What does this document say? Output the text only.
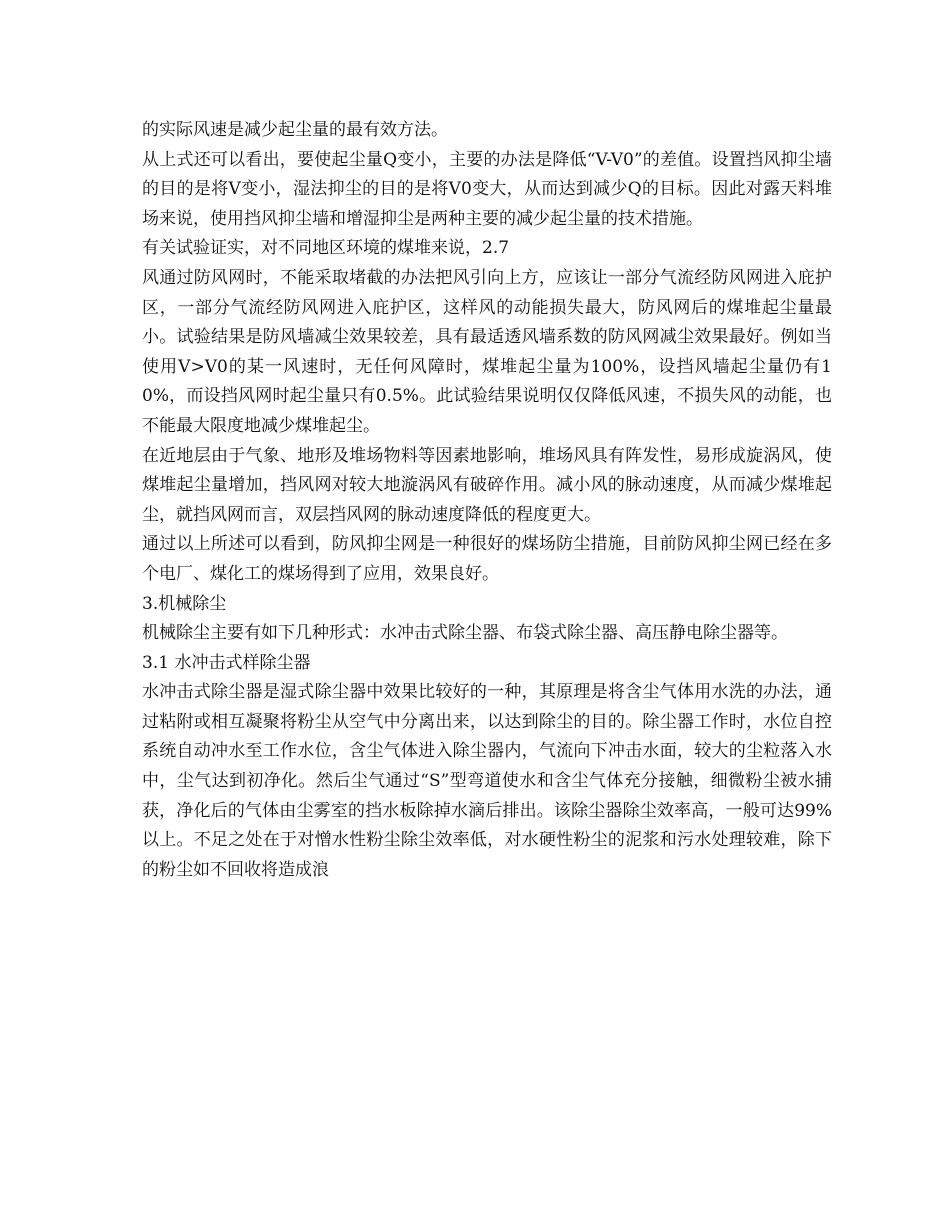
的实际风速是减少起尘量的最有效方法。

从上式还可以看出，要使起尘量Q变小，主要的办法是降低“V-V0”的差值。设置挡风抑尘墙的目的是将V变小，湿法抑尘的目的是将V0变大，从而达到减少Q的目标。因此对露天料堆场来说，使用挡风抑尘墙和增湿抑尘是两种主要的减少起尘量的技术措施。

有关试验证实，对不同地区环境的煤堆来说，2.7

风通过防风网时，不能采取堵截的办法把风引向上方，应该让一部分气流经防风网进入庇护区，一部分气流经防风网进入庇护区，这样风的动能损失最大，防风网后的煤堆起尘量最小。试验结果是防风墙减尘效果较差，具有最适透风墙系数的防风网减尘效果最好。例如当使用V>V0的某一风速时，无任何风障时，煤堆起尘量为100%，设挡风墙起尘量仍有10%，而设挡风网时起尘量只有0.5%。此试验结果说明仅仅降低风速，不损失风的动能，也不能最大限度地减少煤堆起尘。

在近地层由于气象、地形及堆场物料等因素地影响，堆场风具有阵发性，易形成旋涡风，使煤堆起尘量增加，挡风网对较大地漩涡风有破碎作用。减小风的脉动速度，从而减少煤堆起尘，就挡风网而言，双层挡风网的脉动速度降低的程度更大。

通过以上所述可以看到，防风抑尘网是一种很好的煤场防尘措施，目前防风抑尘网已经在多个电厂、煤化工的煤场得到了应用，效果良好。

3.机械除尘

机械除尘主要有如下几种形式：水冲击式除尘器、布袋式除尘器、高压静电除尘器等。

3.1 水冲击式样除尘器

水冲击式除尘器是湿式除尘器中效果比较好的一种，其原理是将含尘气体用水洗的办法，通过粘附或相互凝聚将粉尘从空气中分离出来，以达到除尘的目的。除尘器工作时，水位自控系统自动冲水至工作水位，含尘气体进入除尘器内，气流向下冲击水面，较大的尘粒落入水中，尘气达到初净化。然后尘气通过“S”型弯道使水和含尘气体充分接触，细微粉尘被水捕获，净化后的气体由尘雾室的挡水板除掉水滴后排出。该除尘器除尘效率高，一般可达99%以上。不足之处在于对憎水性粉尘除尘效率低，对水硬性粉尘的泥浆和污水处理较难，除下的粉尘如不回收将造成浪
